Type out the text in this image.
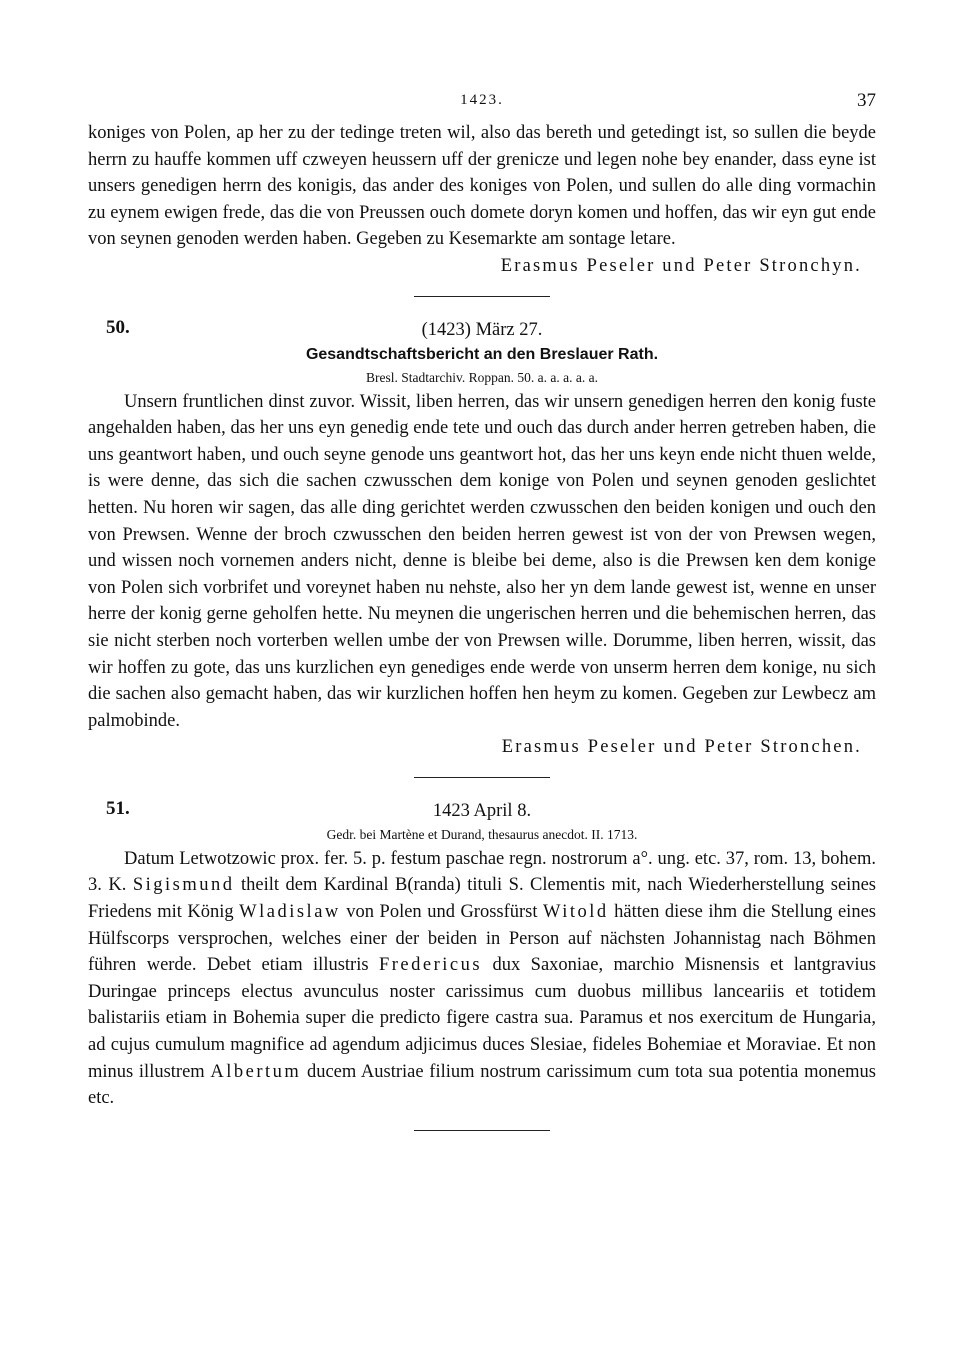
1423.	37

koniges von Polen, ap her zu der tedinge treten wil, also das bereth und getedingt ist, so sullen die beyde herrn zu hauffe kommen uff czweyen heussern uff der grenicze und legen nohe bey enander, dass eyne ist unsers genedigen herrn des konigis, das ander des koniges von Polen, und sullen do alle ding vormachin zu eynem ewigen frede, das die von Preussen ouch domete doryn komen und hoffen, das wir eyn gut ende von seynen genoden werden haben. Gegeben zu Kesemarkte am sontage letare.

Erasmus Peseler und Peter Stronchyn.
50.	(1423) März 27.
Gesandtschaftsbericht an den Breslauer Rath.
Bresl. Stadtarchiv. Roppan. 50. a. a. a. a. a.

Unsern fruntlichen dinst zuvor. Wissit, liben herren, das wir unsern genedigen herren den konig fuste angehalden haben, das her uns eyn genedig ende tete und ouch das durch ander herren getreben haben, die uns geantwort haben, und ouch seyne genode uns geantwort hot, das her uns keyn ende nicht thuen welde, is were denne, das sich die sachen czwusschen dem konige von Polen und seynen genoden geslichtet hetten. Nu horen wir sagen, das alle ding gerichtet werden czwusschen den beiden konigen und ouch den von Prewsen. Wenne der broch czwusschen den beiden herren gewest ist von der von Prewsen wegen, und wissen noch vornemen anders nicht, denne is bleibe bei deme, also is die Prewsen ken dem konige von Polen sich vorbrifet und voreynet haben nu nehste, also her yn dem lande gewest ist, wenne en unser herre der konig gerne geholfen hette. Nu meynen die ungerischen herren und die behemischen herren, das sie nicht sterben noch vorterben wellen umbe der von Prewsen wille. Dorumme, liben herren, wissit, das wir hoffen zu gote, das uns kurzlichen eyn genediges ende werde von unserm herren dem konige, nu sich die sachen also gemacht haben, das wir kurzlichen hoffen hen heym zu komen. Gegeben zur Lewbecz am palmobinde.

Erasmus Peseler und Peter Stronchen.
51.	1423 April 8.
Gedr. bei Martène et Durand, thesaurus anecdot. II. 1713.

Datum Letwotzowic prox. fer. 5. p. festum paschae regn. nostrorum a°. ung. etc. 37, rom. 13, bohem. 3. K. Sigismund theilt dem Kardinal B(randa) tituli S. Clementis mit, nach Wiederherstellung seines Friedens mit König Wladislaw von Polen und Grossfürst Witold hätten diese ihm die Stellung eines Hülfscorps versprochen, welches einer der beiden in Person auf nächsten Johannistag nach Böhmen führen werde. Debet etiam illustris Fredericus dux Saxoniae, marchio Misnensis et lantgravius Duringae princeps electus avunculus noster carissimus cum duobus millibus lanceariis et totidem balistariis etiam in Bohemia super die predicto figere castra sua. Paramus et nos exercitum de Hungaria, ad cujus cumulum magnifice ad agendum adjicimus duces Slesiae, fideles Bohemiae et Moraviae. Et non minus illustrem Albertum ducem Austriae filium nostrum carissimum cum tota sua potentia monemus etc.
